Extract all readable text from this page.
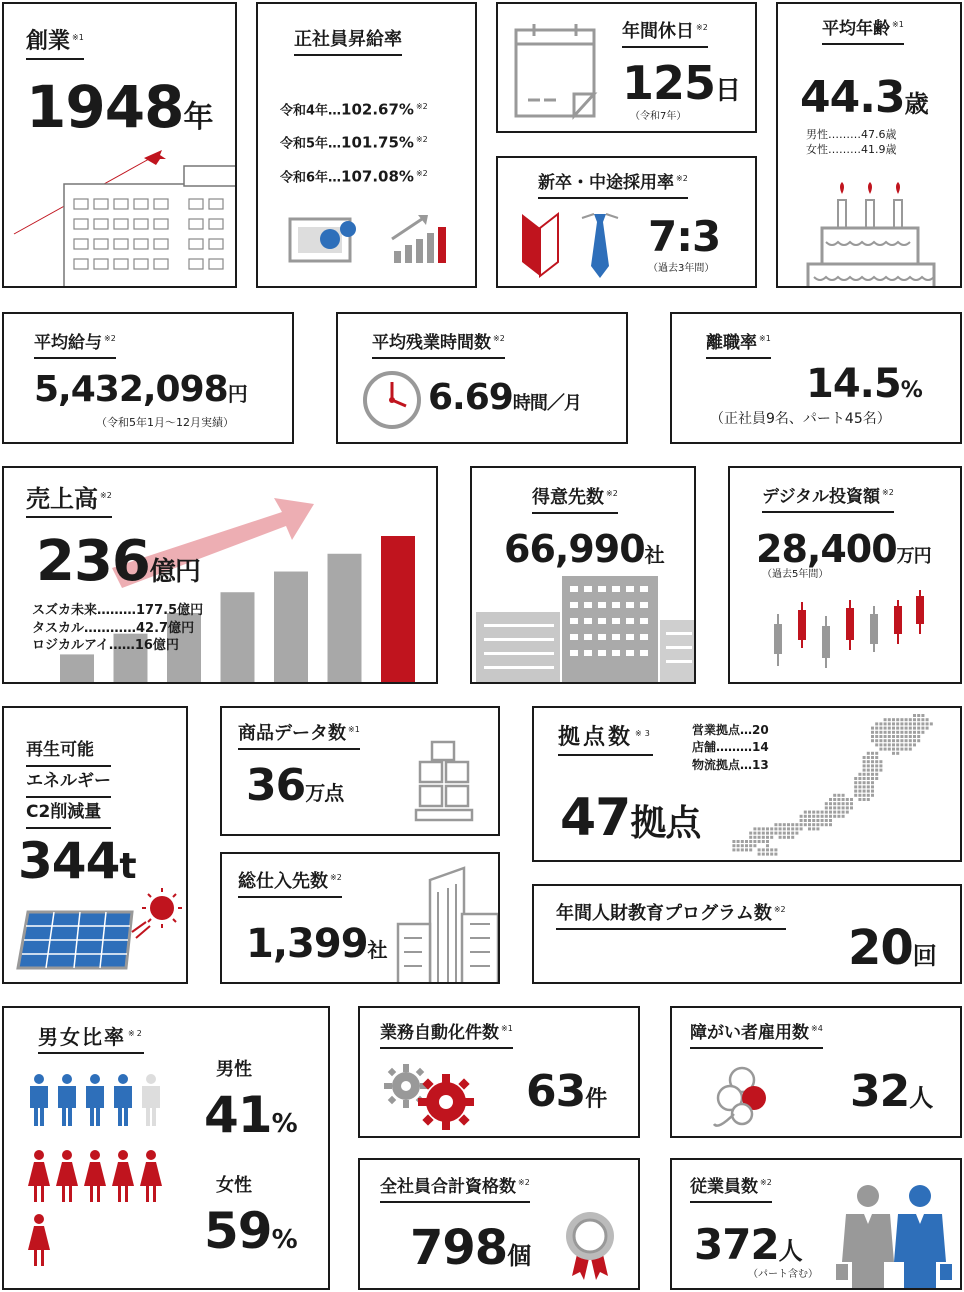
創業 $^{※1}$
1948年
正社員昇給率
令和4年…102.67% $^{※2}$
令和5年…101.75% $^{※2}$
令和6年…107.08% $^{※2}$
年間休日 $^{※2}$
125日
（令和7年）
新卒・中途採用率 $^{※2}$
7:3
（過去3年間）
平均年齢 $^{※1}$
44.3歳
男性………47.6歳
女性………41.9歳
平均給与 $^{※2}$
5,432,098円
（令和5年1月～12月実績）
平均残業時間数 $^{※2}$
6.69時間／月
離職率 $^{※1}$
14.5%
（正社員9名、パート45名）
売上高 $^{※2}$
236億円
スズカ未来………177.5億円
タスカル…………42.7億円
ロジカルアイ……16億円
得意先数 $^{※2}$
66,990社
デジタル投資額 $^{※2}$
28,400万円
（過去5年間）
再生可能
エネルギー
C2削減量
344t
商品データ数 $^{※1}$
36万点
総仕入先数 $^{※2}$
1,399社
拠点数 $^{※3}$	営業拠点…20
店舗………14
物流拠点…13
47拠点
年間人財教育プログラム数 $^{※2}$
20回
男女比率 $^{※2}$
男性
41%
女性
59%
業務自動化件数 $^{※1}$
63件
全社員合計資格数 $^{※2}$
798個
障がい者雇用数 $^{※4}$
32人
従業員数 $^{※2}$
372人
（パート含む）
